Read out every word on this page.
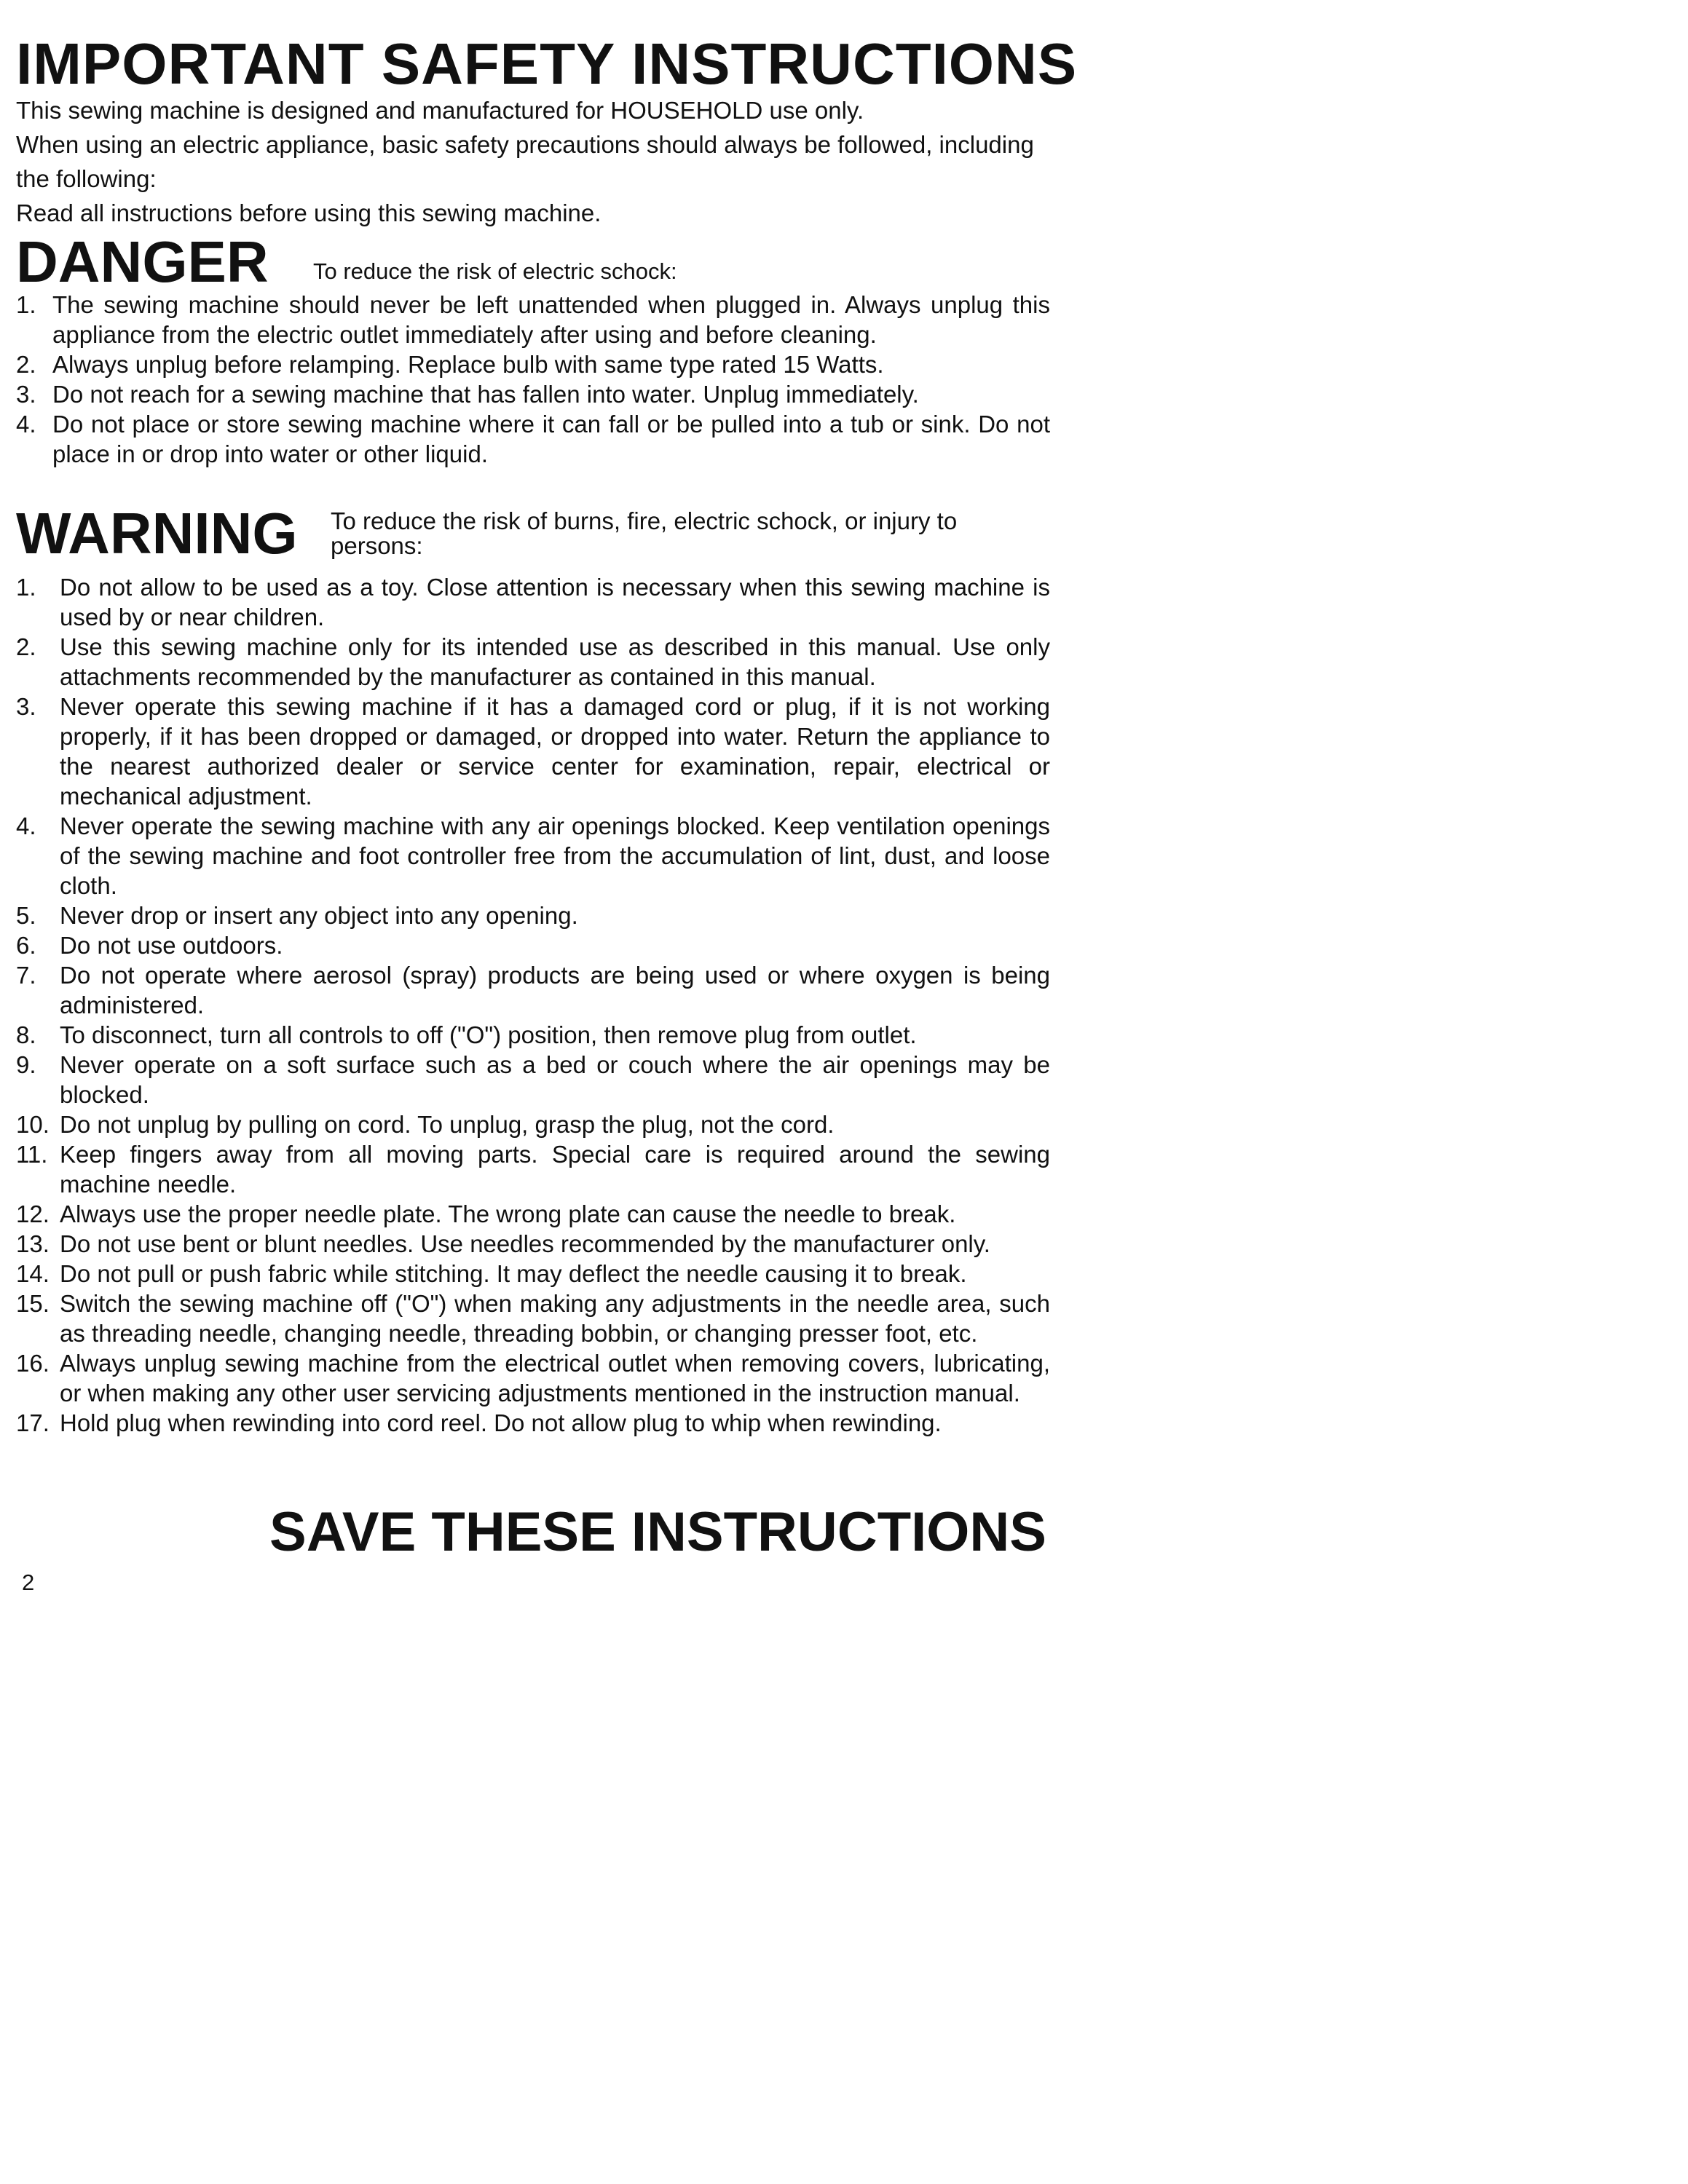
IMPORTANT SAFETY INSTRUCTIONS

This sewing machine is designed and manufactured for HOUSEHOLD use only.

When using an electric appliance, basic safety precautions should always be followed, including the following:

Read all instructions before using this sewing machine.

DANGER To reduce the risk of electric schock:
1. The sewing machine should never be left unattended when plugged in. Always unplug this appliance from the electric outlet immediately after using and before cleaning.
2. Always unplug before relamping. Replace bulb with same type rated 15 Watts.
3. Do not reach for a sewing machine that has fallen into water. Unplug immediately.
4. Do not place or store sewing machine where it can fall or be pulled into a tub or sink. Do not place in or drop into water or other liquid.
WARNING To reduce the risk of burns, fire, electric schock, or injury to persons:
1. Do not allow to be used as a toy. Close attention is necessary when this sewing machine is used by or near children.
2. Use this sewing machine only for its intended use as described in this manual. Use only attachments recommended by the manufacturer as contained in this manual.
3. Never operate this sewing machine if it has a damaged cord or plug, if it is not working properly, if it has been dropped or damaged, or dropped into water. Return the appliance to the nearest authorized dealer or service center for examination, repair, electrical or mechanical adjustment.
4. Never operate the sewing machine with any air openings blocked. Keep ventilation openings of the sewing machine and foot controller free from the accumulation of lint, dust, and loose cloth.
5. Never drop or insert any object into any opening.
6. Do not use outdoors.
7. Do not operate where aerosol (spray) products are being used or where oxygen is being administered.
8. To disconnect, turn all controls to off ("O") position, then remove plug from outlet.
9. Never operate on a soft surface such as a bed or couch where the air openings may be blocked.
10. Do not unplug by pulling on cord. To unplug, grasp the plug, not the cord.
11. Keep fingers away from all moving parts. Special care is required around the sewing machine needle.
12. Always use the proper needle plate. The wrong plate can cause the needle to break.
13. Do not use bent or blunt needles. Use needles recommended by the manufacturer only.
14. Do not pull or push fabric while stitching. It may deflect the needle causing it to break.
15. Switch the sewing machine off ("O") when making any adjustments in the needle area, such as threading needle, changing needle, threading bobbin, or changing presser foot, etc.
16. Always unplug sewing machine from the electrical outlet when removing covers, lubricating, or when making any other user servicing adjustments mentioned in the instruction manual.
17. Hold plug when rewinding into cord reel. Do not allow plug to whip when rewinding.
SAVE THESE INSTRUCTIONS
2
